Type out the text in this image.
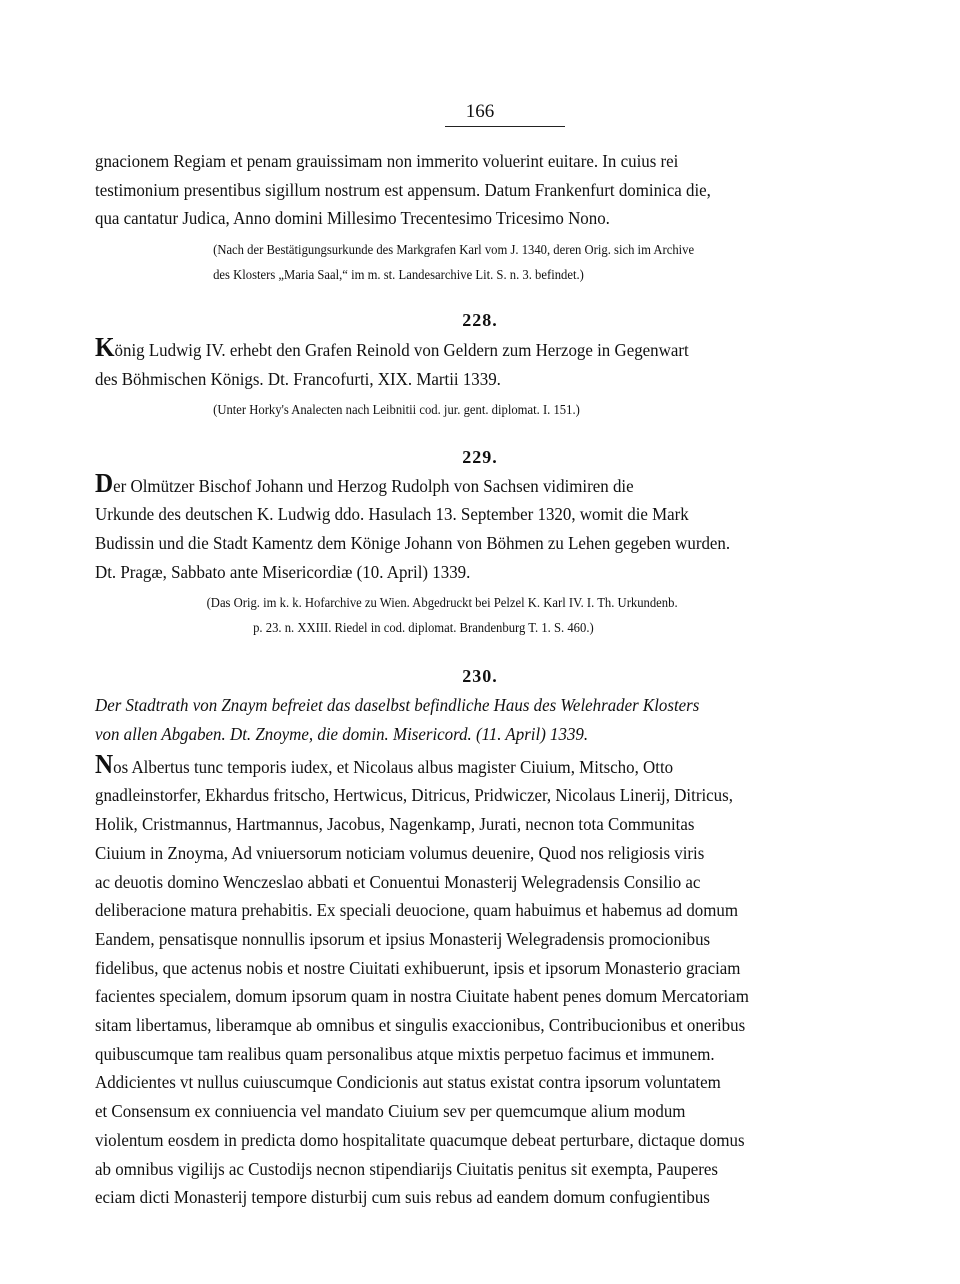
166
gnacionem Regiam et penam grauissimam non immerito voluerint euitare. In cuius rei
testimonium presentibus sigillum nostrum est appensum. Datum Frankenfurt dominica die,
qua cantatur Judica, Anno domini Millesimo Trecentesimo Tricesimo Nono.
(Nach der Bestätigungsurkunde des Markgrafen Karl vom J. 1340, deren Orig. sich im Archive
des Klosters „Maria Saal,“ im m. st. Landesarchive Lit. S. n. 3. befindet.)
228.
König Ludwig IV. erhebt den Grafen Reinold von Geldern zum Herzoge in Gegenwart
des Böhmischen Königs. Dt. Francofurti, XIX. Martii 1339.
(Unter Horky's Analecten nach Leibnitii cod. jur. gent. diplomat. I. 151.)
229.
Der Olmützer Bischof Johann und Herzog Rudolph von Sachsen vidimiren die
Urkunde des deutschen K. Ludwig ddo. Hasulach 13. September 1320, womit die Mark
Budissin und die Stadt Kamentz dem Könige Johann von Böhmen zu Lehen gegeben wurden.
Dt. Pragæ, Sabbato ante Misericordiæ (10. April) 1339.
(Das Orig. im k. k. Hofarchive zu Wien. Abgedruckt bei Pelzel K. Karl IV. I. Th. Urkundenb.
p. 23. n. XXIII. Riedel in cod. diplomat. Brandenburg T. 1. S. 460.)
230.
Der Stadtrath von Znaym befreiet das daselbst befindliche Haus des Welehrader Klosters
von allen Abgaben. Dt. Znoyme, die domin. Misericord. (11. April) 1339.
Nos Albertus tunc temporis iudex, et Nicolaus albus magister Ciuium, Mitscho, Otto
gnadleinstorfer, Ekhardus fritscho, Hertwicus, Ditricus, Pridwiczer, Nicolaus Linerij, Ditricus,
Holik, Cristmannus, Hartmannus, Jacobus, Nagenkamp, Jurati, necnon tota Communitas
Ciuium in Znoyma, Ad vniuersorum noticiam volumus deuenire, Quod nos religiosis viris
ac deuotis domino Wenczeslao abbati et Conuentui Monasterij Welegradensis Consilio ac
deliberacione matura prehabitis. Ex speciali deuocione, quam habuimus et habemus ad domum
Eandem, pensatisque nonnullis ipsorum et ipsius Monasterij Welegradensis promocionibus
fidelibus, que actenus nobis et nostre Ciuitati exhibuerunt, ipsis et ipsorum Monasterio graciam
facientes specialem, domum ipsorum quam in nostra Ciuitate habent penes domum Mercatoriam
sitam libertamus, liberamque ab omnibus et singulis exaccionibus, Contribucionibus et oneribus
quibuscumque tam realibus quam personalibus atque mixtis perpetuo facimus et immunem.
Addicientes vt nullus cuiuscumque Condicionis aut status existat contra ipsorum voluntatem
et Consensum ex conniuencia vel mandato Ciuium sev per quemcumque alium modum
violentum eosdem in predicta domo hospitalitate quacumque debeat perturbare, dictaque domus
ab omnibus vigilijs ac Custodijs necnon stipendiarijs Ciuitatis penitus sit exempta, Pauperes
eciam dicti Monasterij tempore disturbij cum suis rebus ad eandem domum confugientibus
